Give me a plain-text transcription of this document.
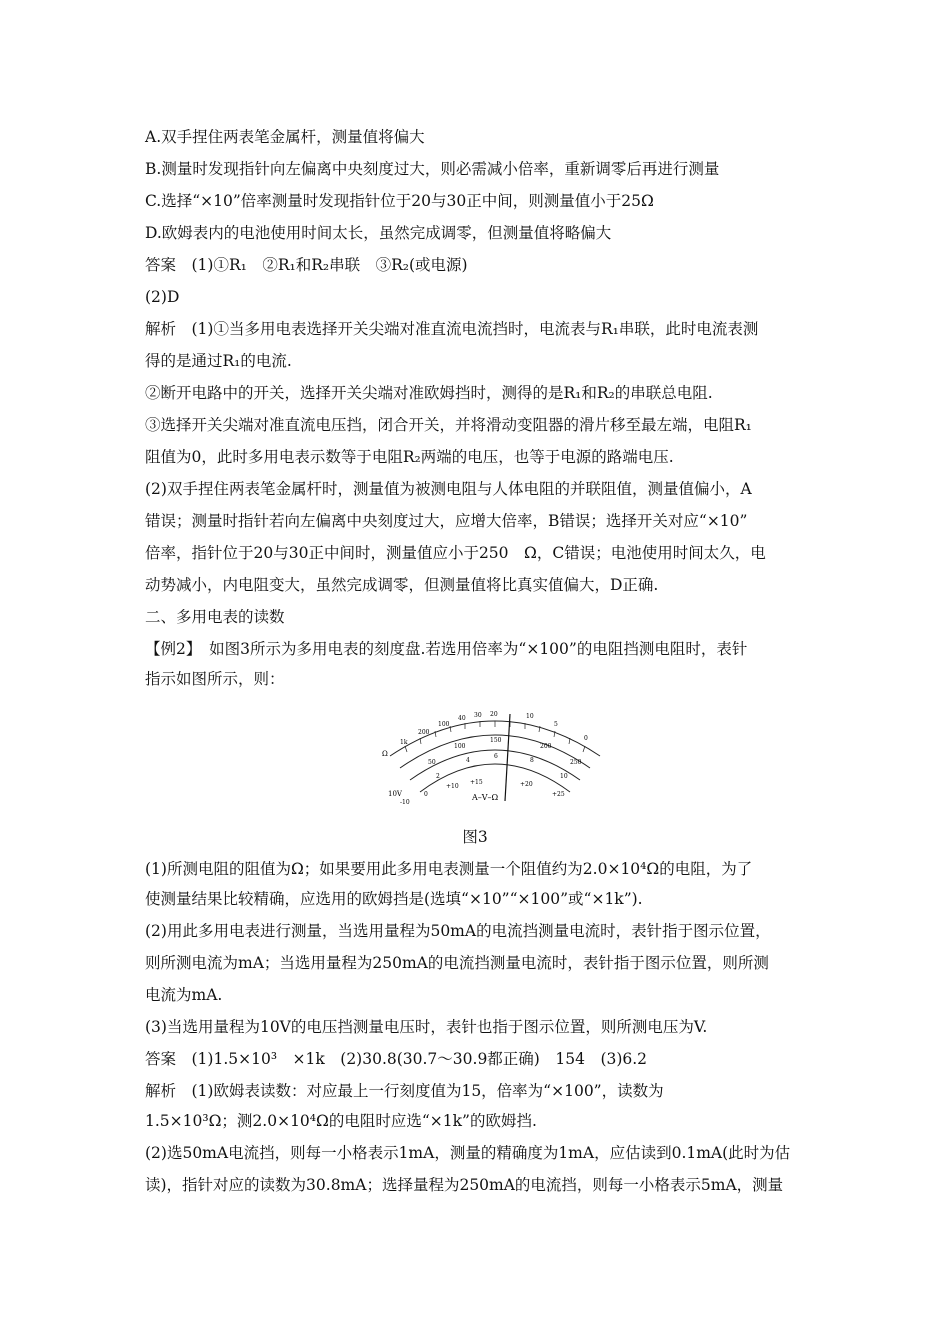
A.双手捏住两表笔金属杆，测量值将偏大
B.测量时发现指针向左偏离中央刻度过大，则必需减小倍率，重新调零后再进行测量
C.选择“×10”倍率测量时发现指针位于20与30正中间，则测量值小于25Ω
D.欧姆表内的电池使用时间太长，虽然完成调零，但测量值将略偏大
答案　(1)①R₁　②R₁和R₂串联　③R₂(或电源)
(2)D
解析　(1)①当多用电表选择开关尖端对准直流电流挡时，电流表与R₁串联，此时电流表测
得的是通过R₁的电流.
②断开电路中的开关，选择开关尖端对准欧姆挡时，测得的是R₁和R₂的串联总电阻.
③选择开关尖端对准直流电压挡，闭合开关，并将滑动变阻器的滑片移至最左端，电阻R₁
阻值为0，此时多用电表示数等于电阻R₂两端的电压，也等于电源的路端电压.
(2)双手捏住两表笔金属杆时，测量值为被测电阻与人体电阻的并联阻值，测量值偏小，A
错误；测量时指针若向左偏离中央刻度过大，应增大倍率，B错误；选择开关对应“×10”
倍率，指针位于20与30正中间时，测量值应小于250　Ω，C错误；电池使用时间太久，电
动势减小，内电阻变大，虽然完成调零，但测量值将比真实值偏大，D正确.
二、多用电表的读数
【例2】　如图3所示为多用电表的刻度盘.若选用倍率为“×100”的电阻挡测电阻时，表针
指示如图所示，则：
Ω
10V
1k
200
100
40 30 20	10
5
0
50
100
150
200
250
2
4
6
8
10
-10
0
+10
+15	+20
+25
A–V–Ω
图3
(1)所测电阻的阻值为Ω；如果要用此多用电表测量一个阻值约为2.0×10⁴Ω的电阻，为了
使测量结果比较精确，应选用的欧姆挡是(选填“×10”“×100”或“×1k”).
(2)用此多用电表进行测量，当选用量程为50mA的电流挡测量电流时，表针指于图示位置，
则所测电流为mA；当选用量程为250mA的电流挡测量电流时，表针指于图示位置，则所测
电流为mA.
(3)当选用量程为10V的电压挡测量电压时，表针也指于图示位置，则所测电压为V.
答案　(1)1.5×10³　×1k　(2)30.8(30.7～30.9都正确)　154　(3)6.2
解析　(1)欧姆表读数：对应最上一行刻度值为15，倍率为“×100”，读数为
1.5×10³Ω；测2.0×10⁴Ω的电阻时应选“×1k”的欧姆挡.
(2)选50mA电流挡，则每一小格表示1mA，测量的精确度为1mA，应估读到0.1mA(此时为估
读)，指针对应的读数为30.8mA；选择量程为250mA的电流挡，则每一小格表示5mA，测量
